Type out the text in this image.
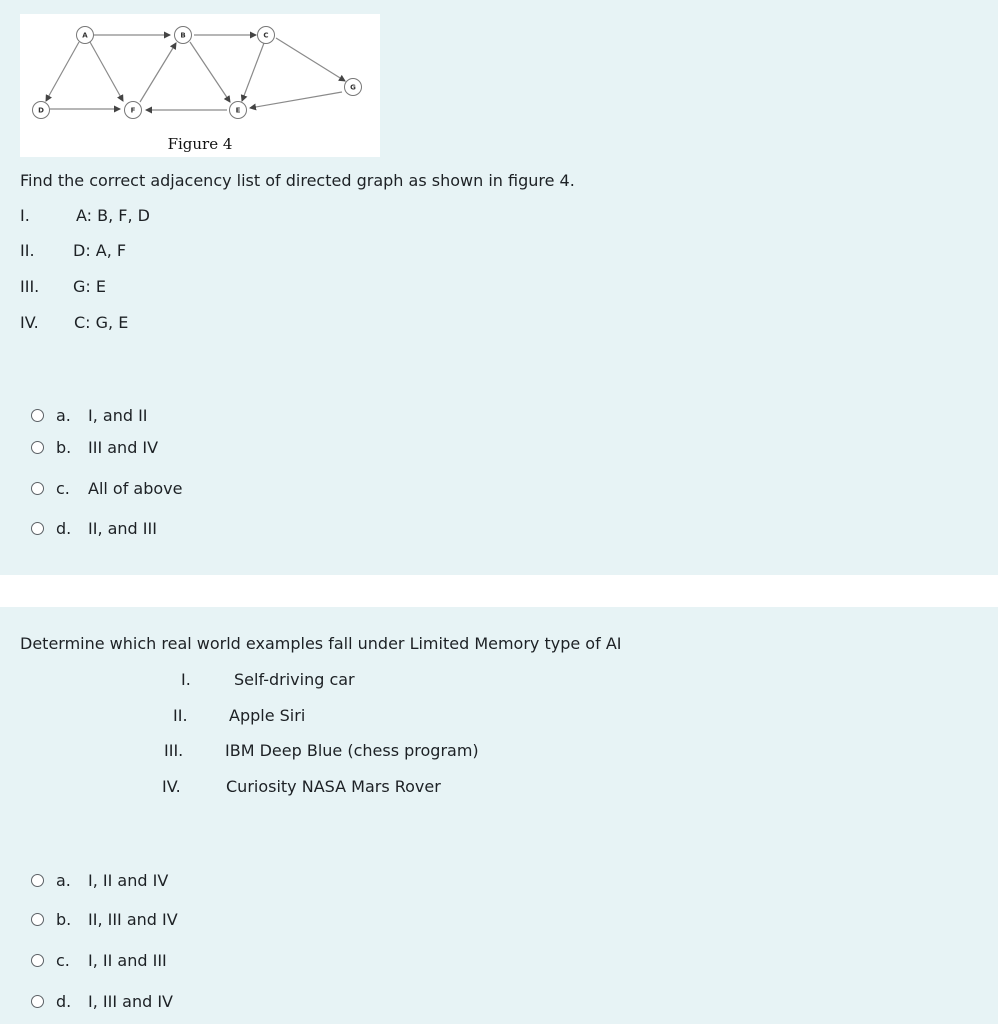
A	B	C
D	E
F
G
Figure 4
Find the correct adjacency list of directed graph as shown in figure 4.
I.	A: B, F, D
II. D: A, F
III. G: E
IV. C: G, E
a. I, and II
b. III and IV
c. All of above
d. II, and III
Determine which real world examples fall under Limited Memory type of AI
I.	Self-driving car
II.	Apple Siri
III.	IBM Deep Blue (chess program)
IV.	Curiosity NASA Mars Rover
a. I, II and IV
b. II, III and IV
c. I, II and III
d. I, III and IV
